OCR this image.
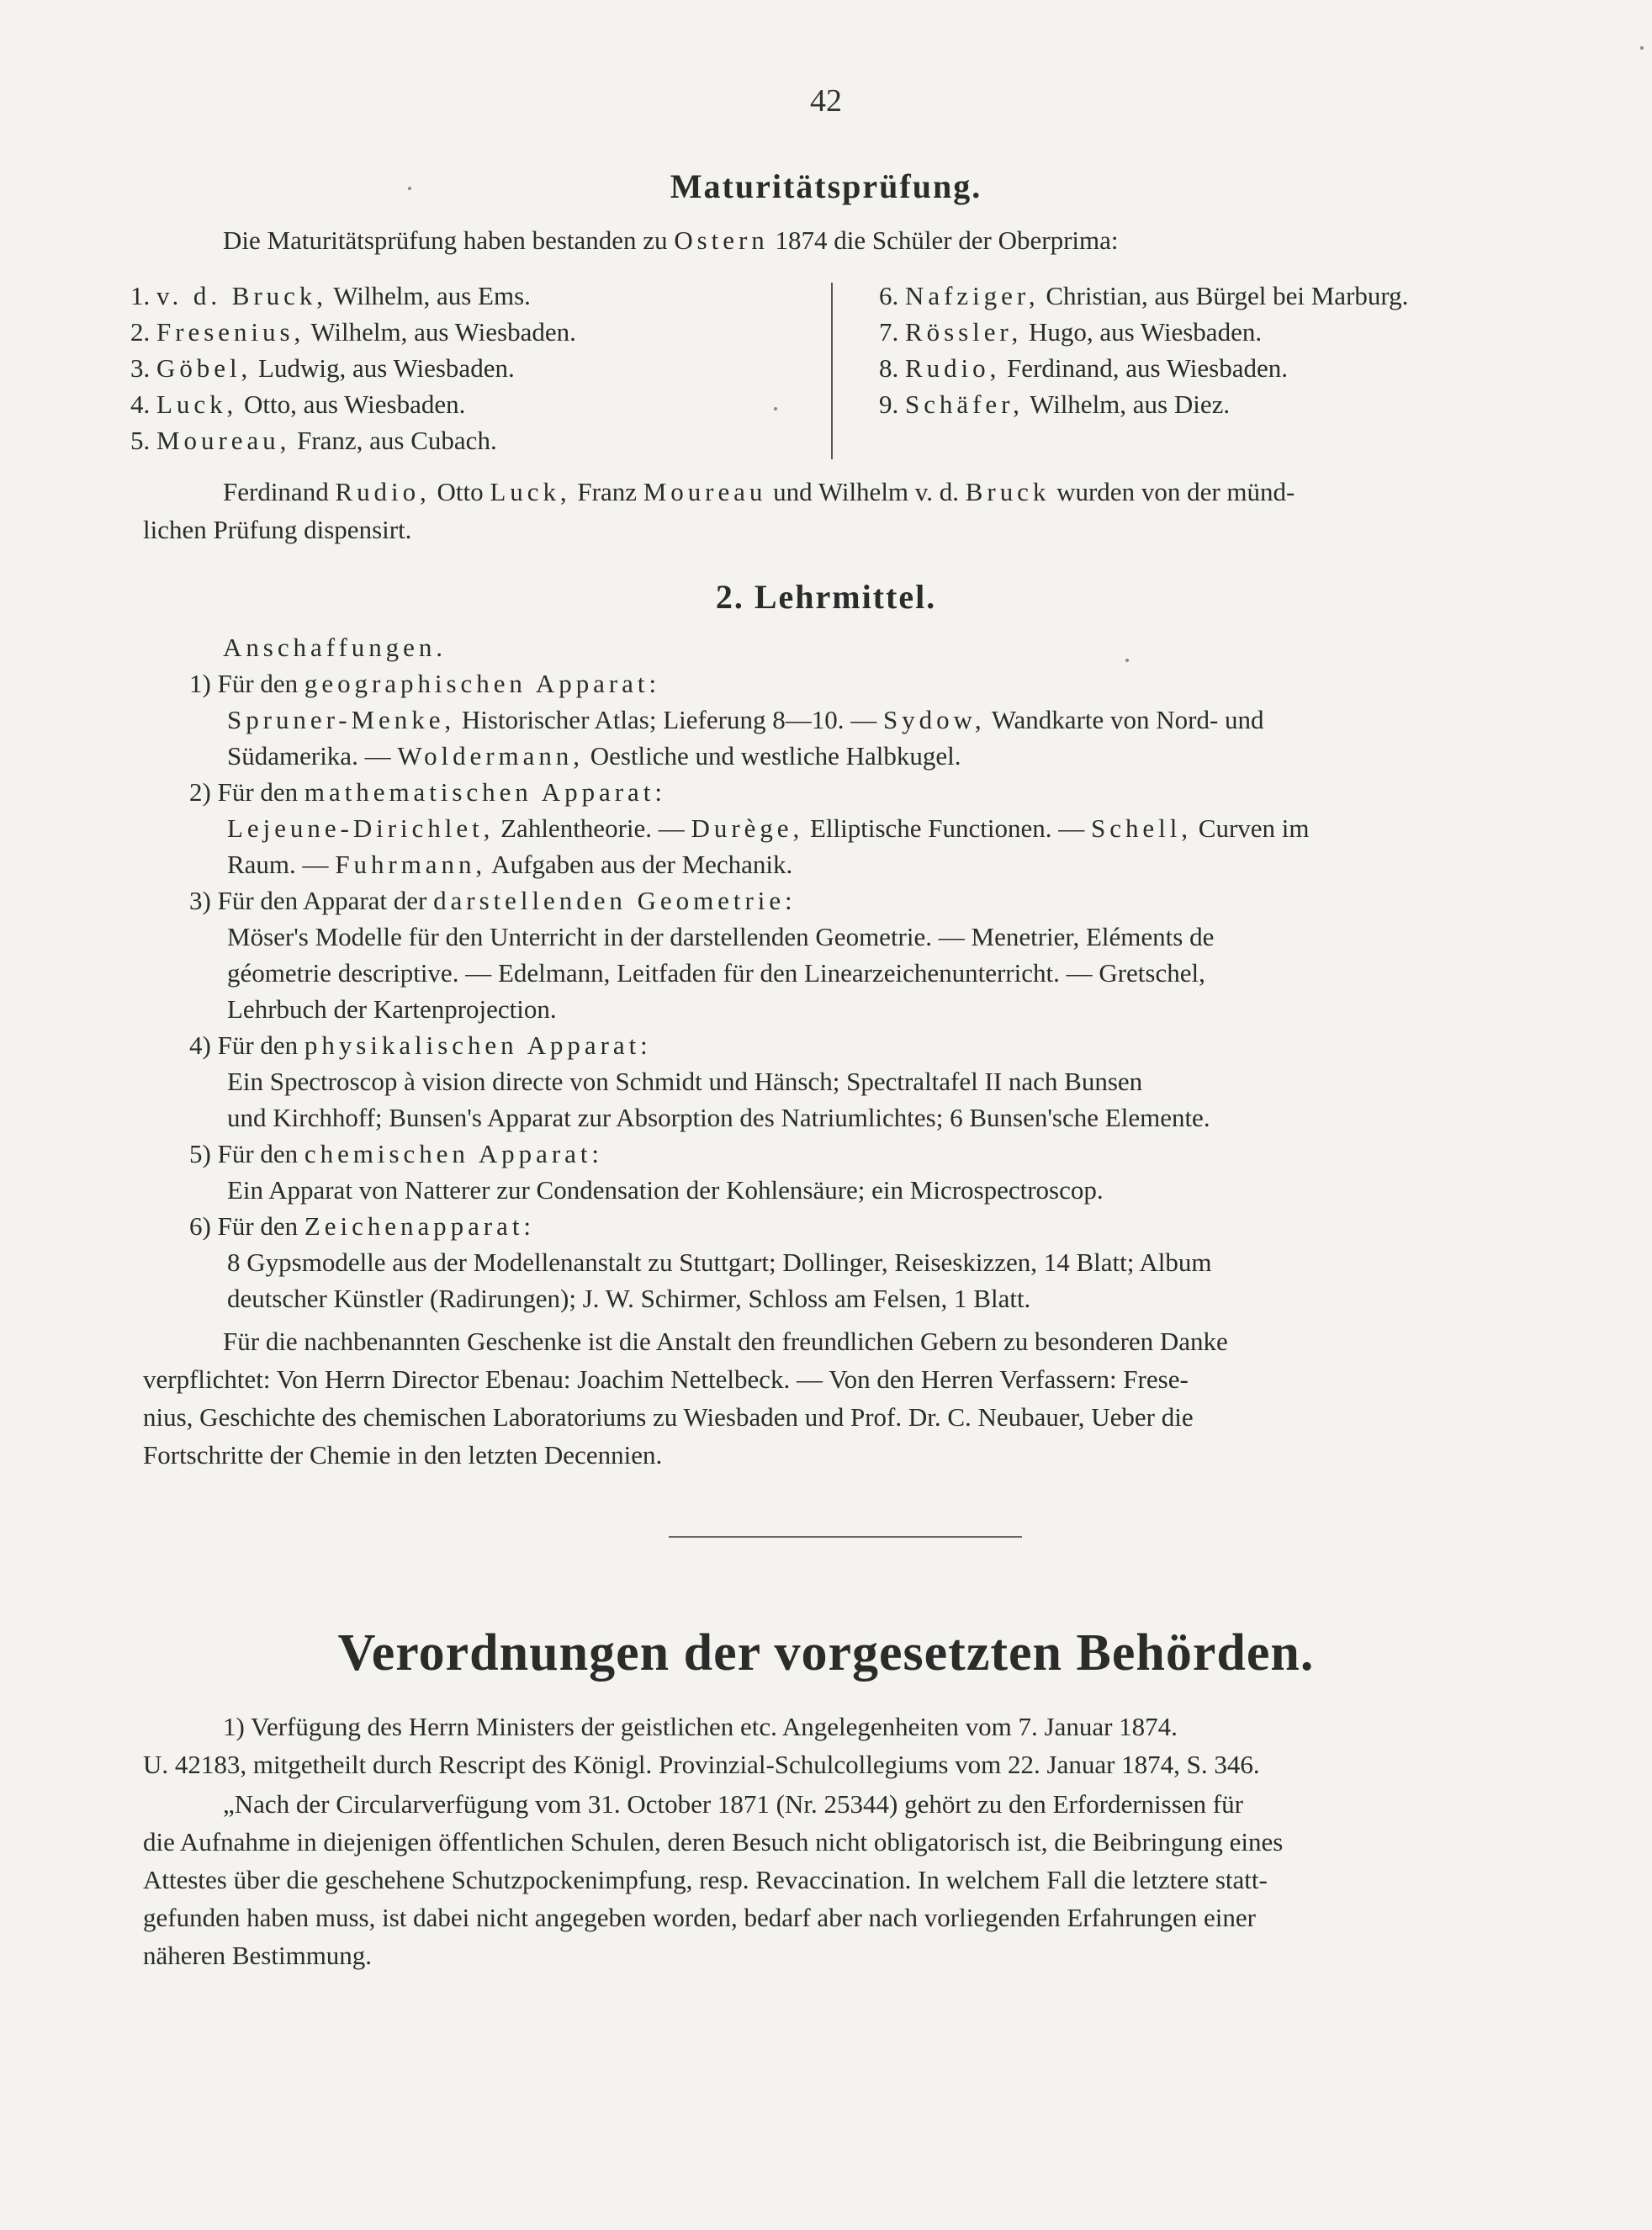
42
Maturitätsprüfung.
Die Maturitätsprüfung haben bestanden zu Ostern 1874 die Schüler der Oberprima:
1. v. d. Bruck, Wilhelm, aus Ems.
2. Fresenius, Wilhelm, aus Wiesbaden.
3. Göbel, Ludwig, aus Wiesbaden.
4. Luck, Otto, aus Wiesbaden.
5. Moureau, Franz, aus Cubach.
6. Nafziger, Christian, aus Bürgel bei Marburg.
7. Rössler, Hugo, aus Wiesbaden.
8. Rudio, Ferdinand, aus Wiesbaden.
9. Schäfer, Wilhelm, aus Diez.
Ferdinand Rudio, Otto Luck, Franz Moureau und Wilhelm v. d. Bruck wurden von der münd-
lichen Prüfung dispensirt.
2. Lehrmittel.
Anschaffungen.
1) Für den geographischen Apparat:
Spruner-Menke, Historischer Atlas; Lieferung 8—10. — Sydow, Wandkarte von Nord- und
Südamerika. — Woldermann, Oestliche und westliche Halbkugel.
2) Für den mathematischen Apparat:
Lejeune-Dirichlet, Zahlentheorie. — Durège, Elliptische Functionen. — Schell, Curven im
Raum. — Fuhrmann, Aufgaben aus der Mechanik.
3) Für den Apparat der darstellenden Geometrie:
Möser's Modelle für den Unterricht in der darstellenden Geometrie. — Menetrier, Eléments de
géometrie descriptive. — Edelmann, Leitfaden für den Linearzeichenunterricht. — Gretschel,
Lehrbuch der Kartenprojection.
4) Für den physikalischen Apparat:
Ein Spectroscop à vision directe von Schmidt und Hänsch; Spectraltafel II nach Bunsen
und Kirchhoff; Bunsen's Apparat zur Absorption des Natriumlichtes; 6 Bunsen'sche Elemente.
5) Für den chemischen Apparat:
Ein Apparat von Natterer zur Condensation der Kohlensäure; ein Microspectroscop.
6) Für den Zeichenapparat:
8 Gypsmodelle aus der Modellenanstalt zu Stuttgart; Dollinger, Reiseskizzen, 14 Blatt; Album
deutscher Künstler (Radirungen); J. W. Schirmer, Schloss am Felsen, 1 Blatt.
Für die nachbenannten Geschenke ist die Anstalt den freundlichen Gebern zu besonderen Danke
verpflichtet: Von Herrn Director Ebenau: Joachim Nettelbeck. — Von den Herren Verfassern: Frese-
nius, Geschichte des chemischen Laboratoriums zu Wiesbaden und Prof. Dr. C. Neubauer, Ueber die
Fortschritte der Chemie in den letzten Decennien.
Verordnungen der vorgesetzten Behörden.
1) Verfügung des Herrn Ministers der geistlichen etc. Angelegenheiten vom 7. Januar 1874.
U. 42183, mitgetheilt durch Rescript des Königl. Provinzial-Schulcollegiums vom 22. Januar 1874, S. 346.
„Nach der Circularverfügung vom 31. October 1871 (Nr. 25344) gehört zu den Erfordernissen für
die Aufnahme in diejenigen öffentlichen Schulen, deren Besuch nicht obligatorisch ist, die Beibringung eines
Attestes über die geschehene Schutzpockenimpfung, resp. Revaccination. In welchem Fall die letztere statt-
gefunden haben muss, ist dabei nicht angegeben worden, bedarf aber nach vorliegenden Erfahrungen einer
näheren Bestimmung.
